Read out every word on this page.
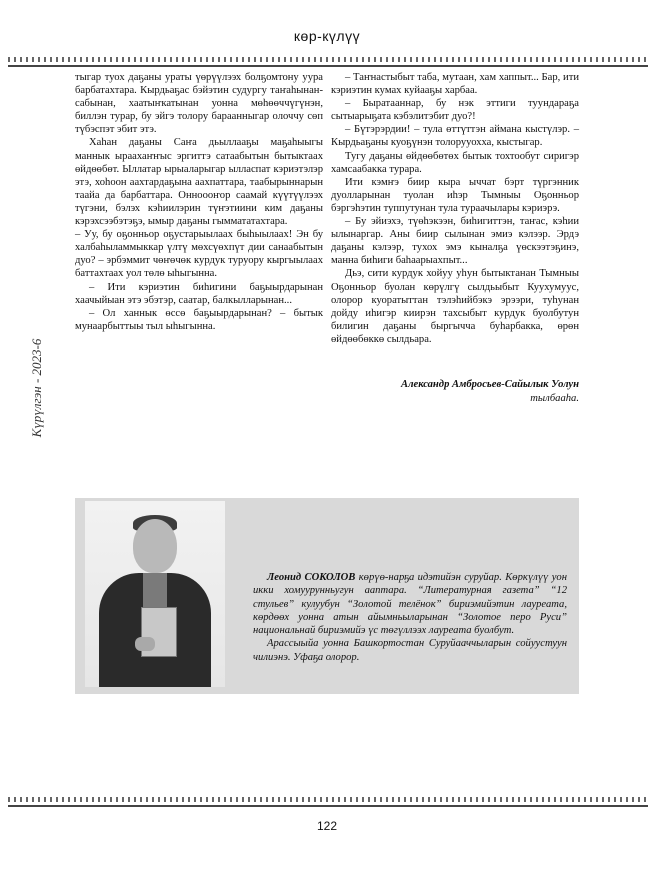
көр-күлүү
Күрүлгэн - 2023-6

тыгар туох даҕаны ураты үөрүүлээх болҕомтону уура барбатахтара. Кырдьаҕас бэйэтин судургу таҥаһынан-сабынан, хаатыҥкатынан уонна мөһөөччүгүнэн, биллэн турар, бу эйгэ толору бараанныгар олоччу сөп түбэспэт эбит этэ.

Хаһан даҕаны Саҥа дьыллааҕы маҕаһыыгы маннык ыраахаҥҥыс эргиттэ сатаабытын бытыктаах өйдөөбөт. Ыллатар ырыаларыгар ылласпат кэриэтэлэр этэ, хоһоон аахтардаҕына аахпаттара, таабырыннарын таайа да барбаттара. Онноооҥор саамай күүтүүлээх түгэни, бэлэх кэһиилэрин түҥэтиини ким даҕаны кэрэхсээбэтэҕэ, ымыр даҕаны гыммататахтара.

– Уу, бу оҕонньор оҕустарыылаах быһыылаах! Эн бу халбаһыламмыккар үлтү мөхсүөхпүт дии санаабытын дуо? – эрбэммит чөҥөчөк курдук туруору кыргыылаах баттахтаах уол төлө ыһыгынна.

– Ити кэриэтин биһигини баҕыырдарынан хаачыйыан этэ эбэтэр, саатар, балкылларынан...

– Ол ханнык өссө баҕыырдарынан? – бытык мунаарбыттыы тыл ыһыгынна.

– Таҥнастыбыт таба, мутаан, хам хаппыт... Бар, ити кэриэтин кумах куйааҕы харбаа.

– Быратааннар, бу нэк эттиги туундараҕа сытыарыҕата кэбэлитэбит дуо?!

– Бүтэрэрдии! – тула өттүттэн аймана кыстүлэр. – Кырдьаҕаны куоҕүнэн толорууохха, кыстыгар.

Тугу даҕаны өйдөөбөтөх бытык тохтообут сиригэр хамсаабакка турара.

Ити кэмҥэ биир кыра ыччат бэрт түргэнник дуолларынан туолан иһэр Тымныы Оҕонньор бэргэһэтин туппутунан тула тураачылары кэриэрэ.

– Бу эйиэхэ, түөһэкээн, биһигиттэн, таҥас, кэһии ылынаргар. Аны биир сылынан эмиэ кэлээр. Эрдэ даҕаны кэлээр, тухох эмэ кыналҕа үөскээтэҕинэ, манна биһиги баһаарыахпыт...

Дьэ, сити курдук хойуу уһун бытыктанан Тымныы Оҕонньор буолан көрүлгү сылдьыбыт Куухумуус, олорор куоратыттан тэлэһийбэкэ эрээри, туһунан дойду иһигэр киирэн тахсыбыт курдук буолбутун билигин даҕаны быргычча буһарбакка, өрөн өйдөөбөккө сылдьара.

Александр Амбросьев-Сайылык Уолун
тылбааһа.

Леонид СОКОЛОВ көрүө-нарҕа идэтийэн суруйар. Көркүлүү уон икки хомуурунньугун ааптара. “Литературная газета” “12 стульев” кулуубун “Золотой телёнок” бириэмийэтин лауреата, көрдөөх уонна атын айымньыларынан “Золотое перо Руси” национальнай бириэмийэ үс төгүллээх лауреата буолбут.

Арассыыйа уонна Башкортостан Суруйааччыларын сойуустуун чилиэнэ. Уфаҕа олорор.

122
